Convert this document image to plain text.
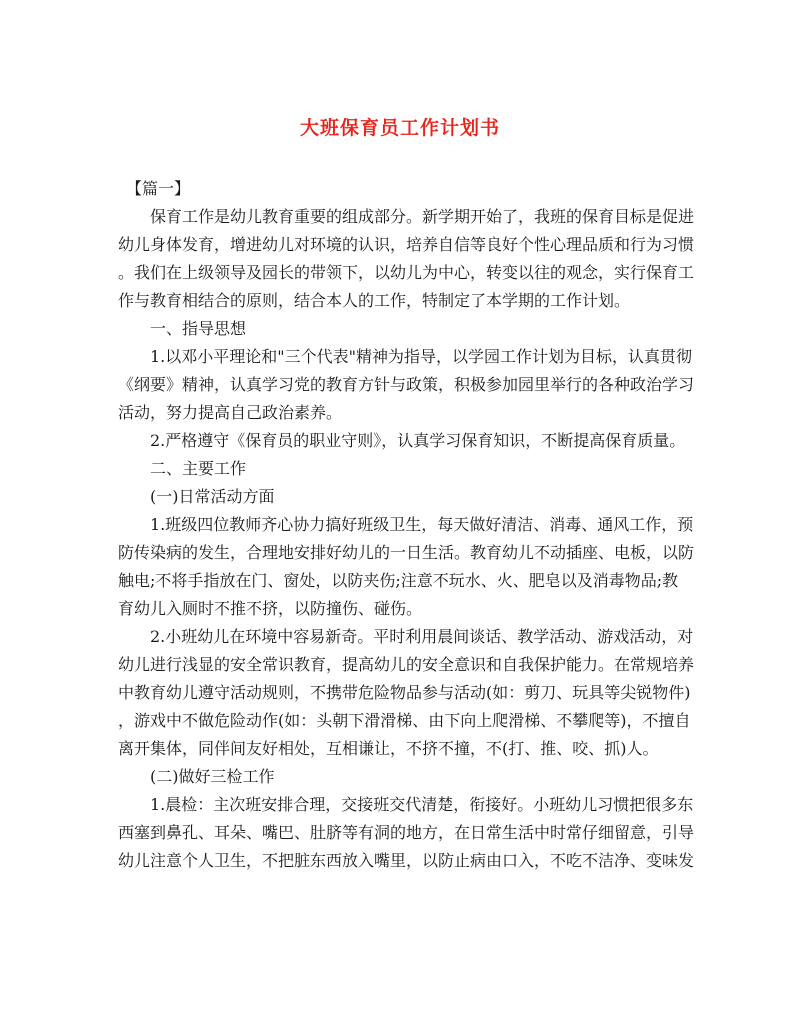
大班保育员工作计划书
【篇一】
保育工作是幼儿教育重要的组成部分。新学期开始了，我班的保育目标是促进
幼儿身体发育，增进幼儿对环境的认识，培养自信等良好个性心理品质和行为习惯
。我们在上级领导及园长的带领下，以幼儿为中心，转变以往的观念，实行保育工
作与教育相结合的原则，结合本人的工作，特制定了本学期的工作计划。
一、指导思想
1.以邓小平理论和"三个代表"精神为指导，以学园工作计划为目标，认真贯彻
《纲要》精神，认真学习党的教育方针与政策，积极参加园里举行的各种政治学习
活动，努力提高自己政治素养。
2.严格遵守《保育员的职业守则》，认真学习保育知识，不断提高保育质量。
二、主要工作
(一)日常活动方面
1.班级四位教师齐心协力搞好班级卫生，每天做好清洁、消毒、通风工作，预
防传染病的发生，合理地安排好幼儿的一日生活。教育幼儿不动插座、电板，以防
触电;不将手指放在门、窗处，以防夹伤;注意不玩水、火、肥皂以及消毒物品;教
育幼儿入厕时不推不挤，以防撞伤、碰伤。
2.小班幼儿在环境中容易新奇。平时利用晨间谈话、教学活动、游戏活动，对
幼儿进行浅显的安全常识教育，提高幼儿的安全意识和自我保护能力。在常规培养
中教育幼儿遵守活动规则，不携带危险物品参与活动(如：剪刀、玩具等尖锐物件)
，游戏中不做危险动作(如：头朝下滑滑梯、由下向上爬滑梯、不攀爬等)，不擅自
离开集体，同伴间友好相处，互相谦让，不挤不撞，不(打、推、咬、抓)人。
(二)做好三检工作
1.晨检：主次班安排合理，交接班交代清楚，衔接好。小班幼儿习惯把很多东
西塞到鼻孔、耳朵、嘴巴、肚脐等有洞的地方，在日常生活中时常仔细留意，引导
幼儿注意个人卫生，不把脏东西放入嘴里，以防止病由口入，不吃不洁净、变味发
